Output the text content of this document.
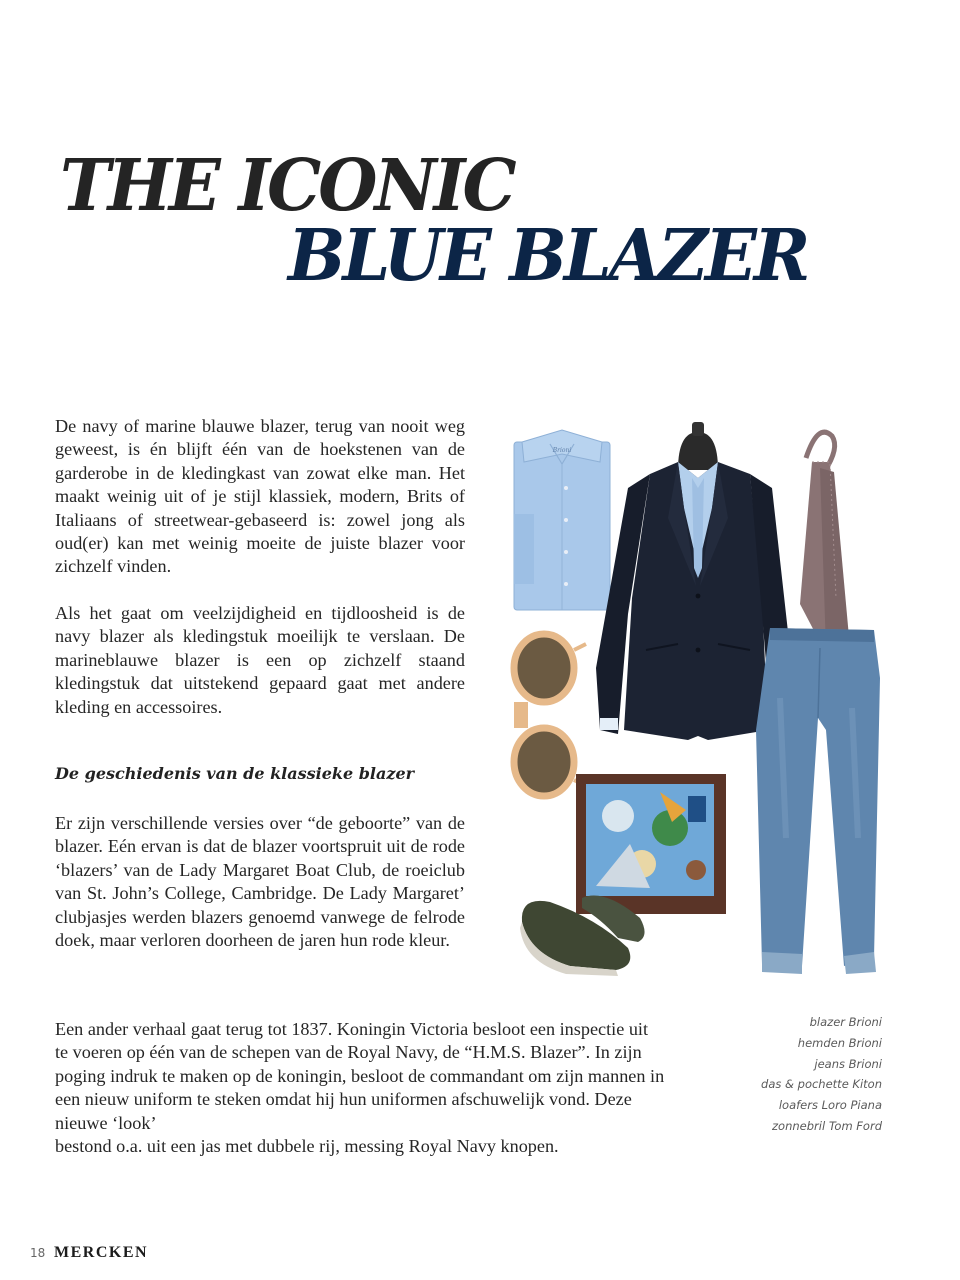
THE ICONIC
BLUE BLAZER

De navy of marine blauwe blazer, terug van nooit weg geweest, is én blijft één van de hoekstenen van de garderobe in de kledingkast van zowat elke man. Het maakt weinig uit of je stijl klassiek, modern, Brits of Italiaans of streetwear-gebaseerd is: zowel jong als oud(er) kan met weinig moeite de juiste blazer voor zichzelf vinden.

Als het gaat om veelzijdigheid en tijdloosheid is de navy blazer als kledingstuk moeilijk te verslaan. De marineblauwe blazer is een op zichzelf staand kledingstuk dat uitstekend gepaard gaat met andere kleding en accessoires.

De geschiedenis van de klassieke blazer

Er zijn verschillende versies over “de geboorte” van de blazer. Eén ervan is dat de blazer voortspruit uit de rode ‘blazers’ van de Lady Margaret Boat Club, de roeiclub van St. John’s College, Cambridge. De Lady Margaret’ clubjasjes werden blazers genoemd vanwege de felrode doek, maar verloren doorheen de jaren hun rode kleur.

Een ander verhaal gaat terug tot 1837. Koningin Victoria besloot een inspectie uit te voeren op één van de schepen van de Royal Navy, de “H.M.S. Blazer”. In zijn poging indruk te maken op de koningin, besloot de commandant om zijn mannen in een nieuw uniform te steken omdat hij hun uniformen afschuwelijk vond. Deze nieuwe ‘look’
bestond o.a. uit een jas met dubbele rij, messing Royal Navy knopen.
Brioni
blazer Brioni
hemden Brioni
jeans Brioni
das & pochette Kiton
loafers Loro Piana
zonnebril Tom Ford
18 MERCKEN
